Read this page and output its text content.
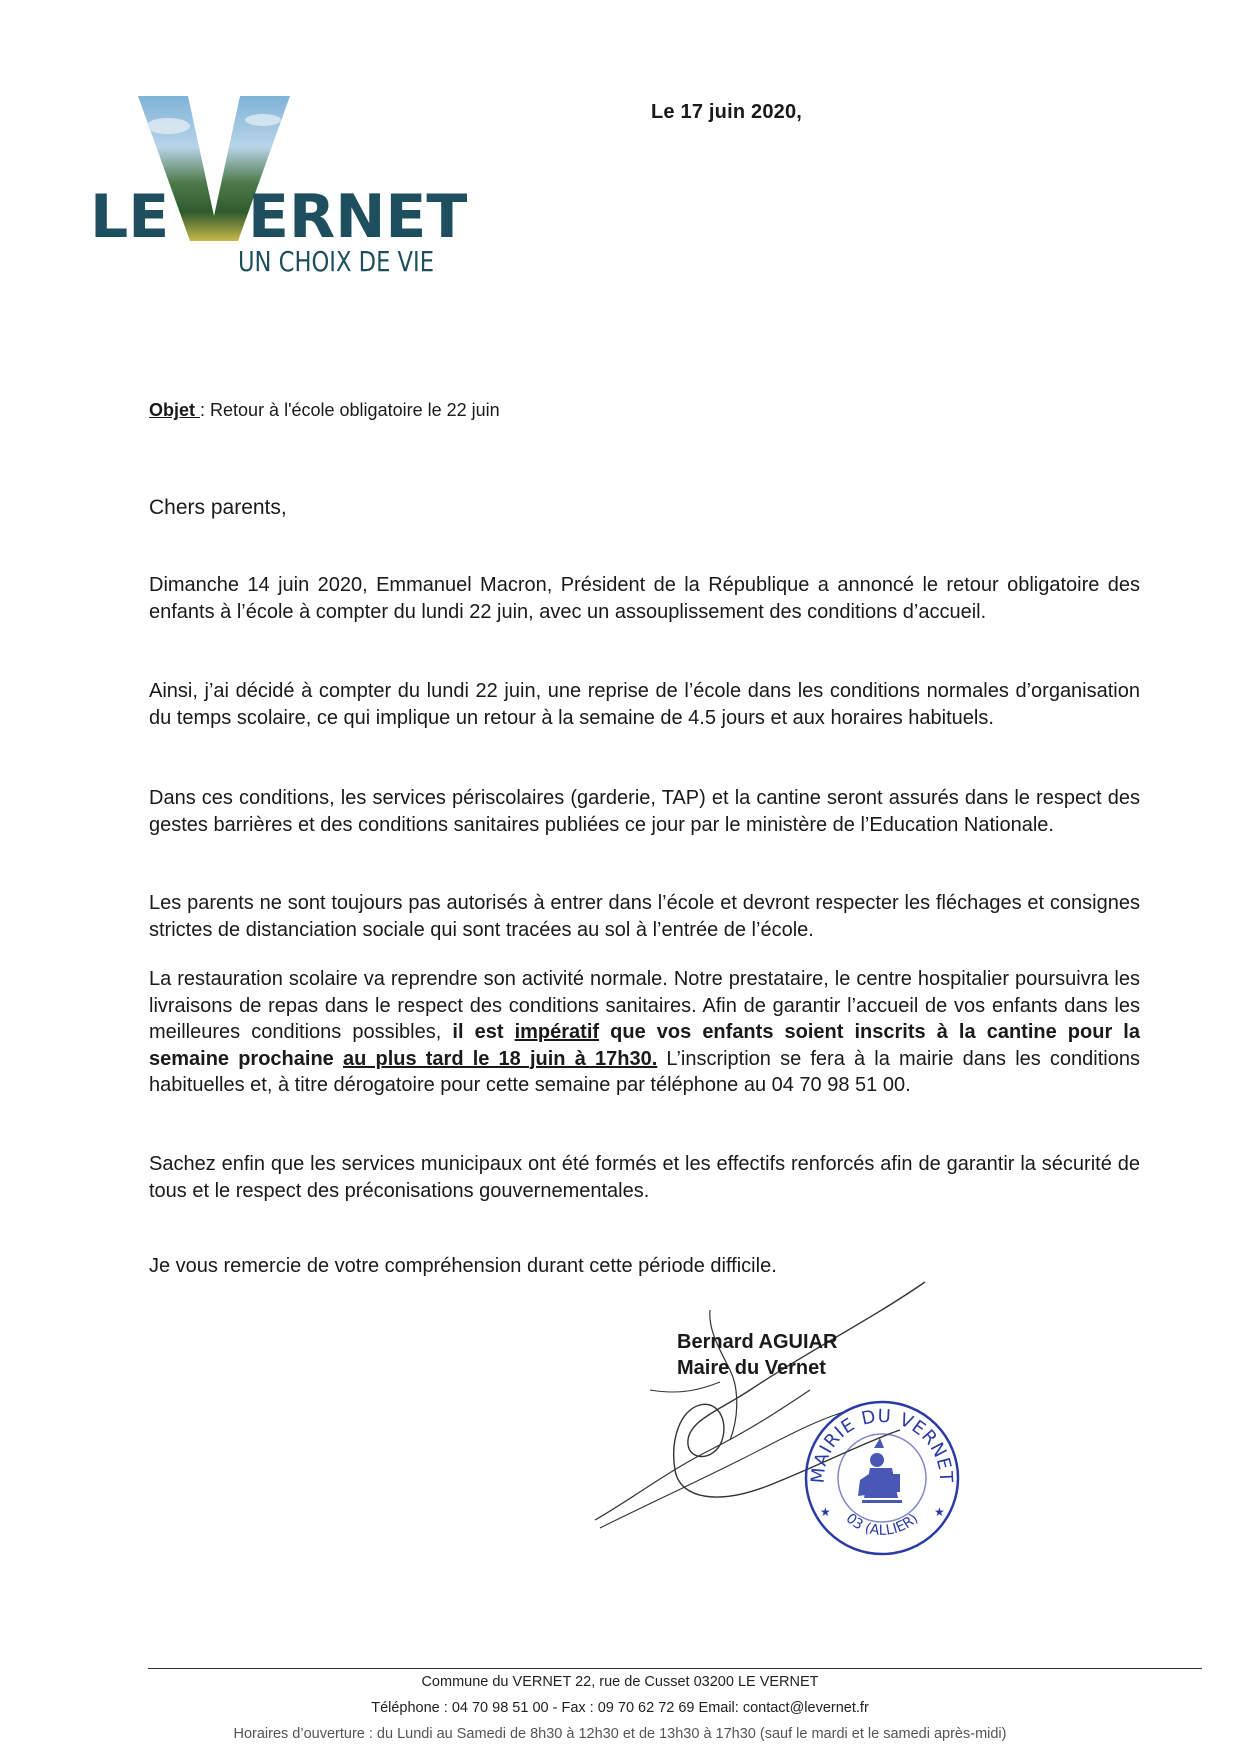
LE ERNET
UN CHOIX DE VIE
Le 17 juin 2020,
Objet : Retour à l'école obligatoire le 22 juin
Chers parents,
Dimanche 14 juin 2020, Emmanuel Macron, Président de la République a annoncé le retour obligatoire des enfants à l’école à compter du lundi 22 juin, avec un assouplissement des conditions d’accueil.
Ainsi, j’ai décidé à compter du lundi 22 juin, une reprise de l’école dans les conditions normales d’organisation du temps scolaire, ce qui implique un retour à la semaine de 4.5 jours et aux horaires habituels.
Dans ces conditions, les services périscolaires (garderie, TAP) et la cantine seront assurés dans le respect des gestes barrières et des conditions sanitaires publiées ce jour par le ministère de l’Education Nationale.
Les parents ne sont toujours pas autorisés à entrer dans l’école et devront respecter les fléchages et consignes strictes de distanciation sociale qui sont tracées au sol à l’entrée de l’école.
La restauration scolaire va reprendre son activité normale. Notre prestataire, le centre hospitalier poursuivra les livraisons de repas dans le respect des conditions sanitaires. Afin de garantir l’accueil de vos enfants dans les meilleures conditions possibles, il est impératif que vos enfants soient inscrits à la cantine pour la semaine prochaine au plus tard le 18 juin à 17h30. L’inscription se fera à la mairie dans les conditions habituelles et, à titre dérogatoire pour cette semaine par téléphone au 04 70 98 51 00.
Sachez enfin que les services municipaux ont été formés et les effectifs renforcés afin de garantir la sécurité de tous et le respect des préconisations gouvernementales.
Je vous remercie de votre compréhension durant cette période difficile.
Bernard AGUIAR
Maire du Vernet
MAIRIE DU VERNET
03 (ALLIER)
★	★
Commune du VERNET 22, rue de Cusset 03200 LE VERNET
Téléphone : 04 70 98 51 00 - Fax : 09 70 62 72 69 Email: contact@levernet.fr
Horaires d’ouverture : du Lundi au Samedi de 8h30 à 12h30 et de 13h30 à 17h30 (sauf le mardi et le samedi après-midi)
